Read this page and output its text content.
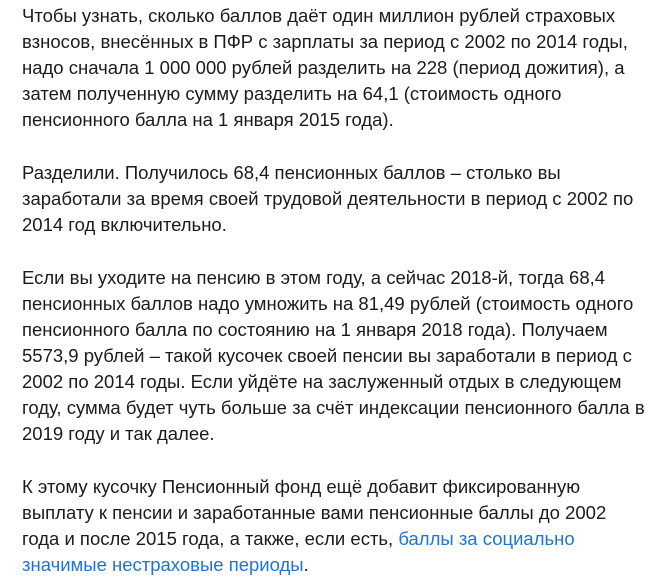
Чтобы узнать, сколько баллов даёт один миллион рублей страховых взносов, внесённых в ПФР с зарплаты за период с 2002 по 2014 годы, надо сначала 1 000 000 рублей разделить на 228 (период дожития), а затем полученную сумму разделить на 64,1 (стоимость одного пенсионного балла на 1 января 2015 года).

Разделили. Получилось 68,4 пенсионных баллов – столько вы заработали за время своей трудовой деятельности в период с 2002 по 2014 год включительно.

Если вы уходите на пенсию в этом году, а сейчас 2018-й, тогда 68,4 пенсионных баллов надо умножить на 81,49 рублей (стоимость одного пенсионного балла по состоянию на 1 января 2018 года). Получаем 5573,9 рублей – такой кусочек своей пенсии вы заработали в период с 2002 по 2014 годы. Если уйдёте на заслуженный отдых в следующем году, сумма будет чуть больше за счёт индексации пенсионного балла в 2019 году и так далее.

К этому кусочку Пенсионный фонд ещё добавит фиксированную выплату к пенсии и заработанные вами пенсионные баллы до 2002 года и после 2015 года, а также, если есть, баллы за социально значимые нестраховые периоды.
